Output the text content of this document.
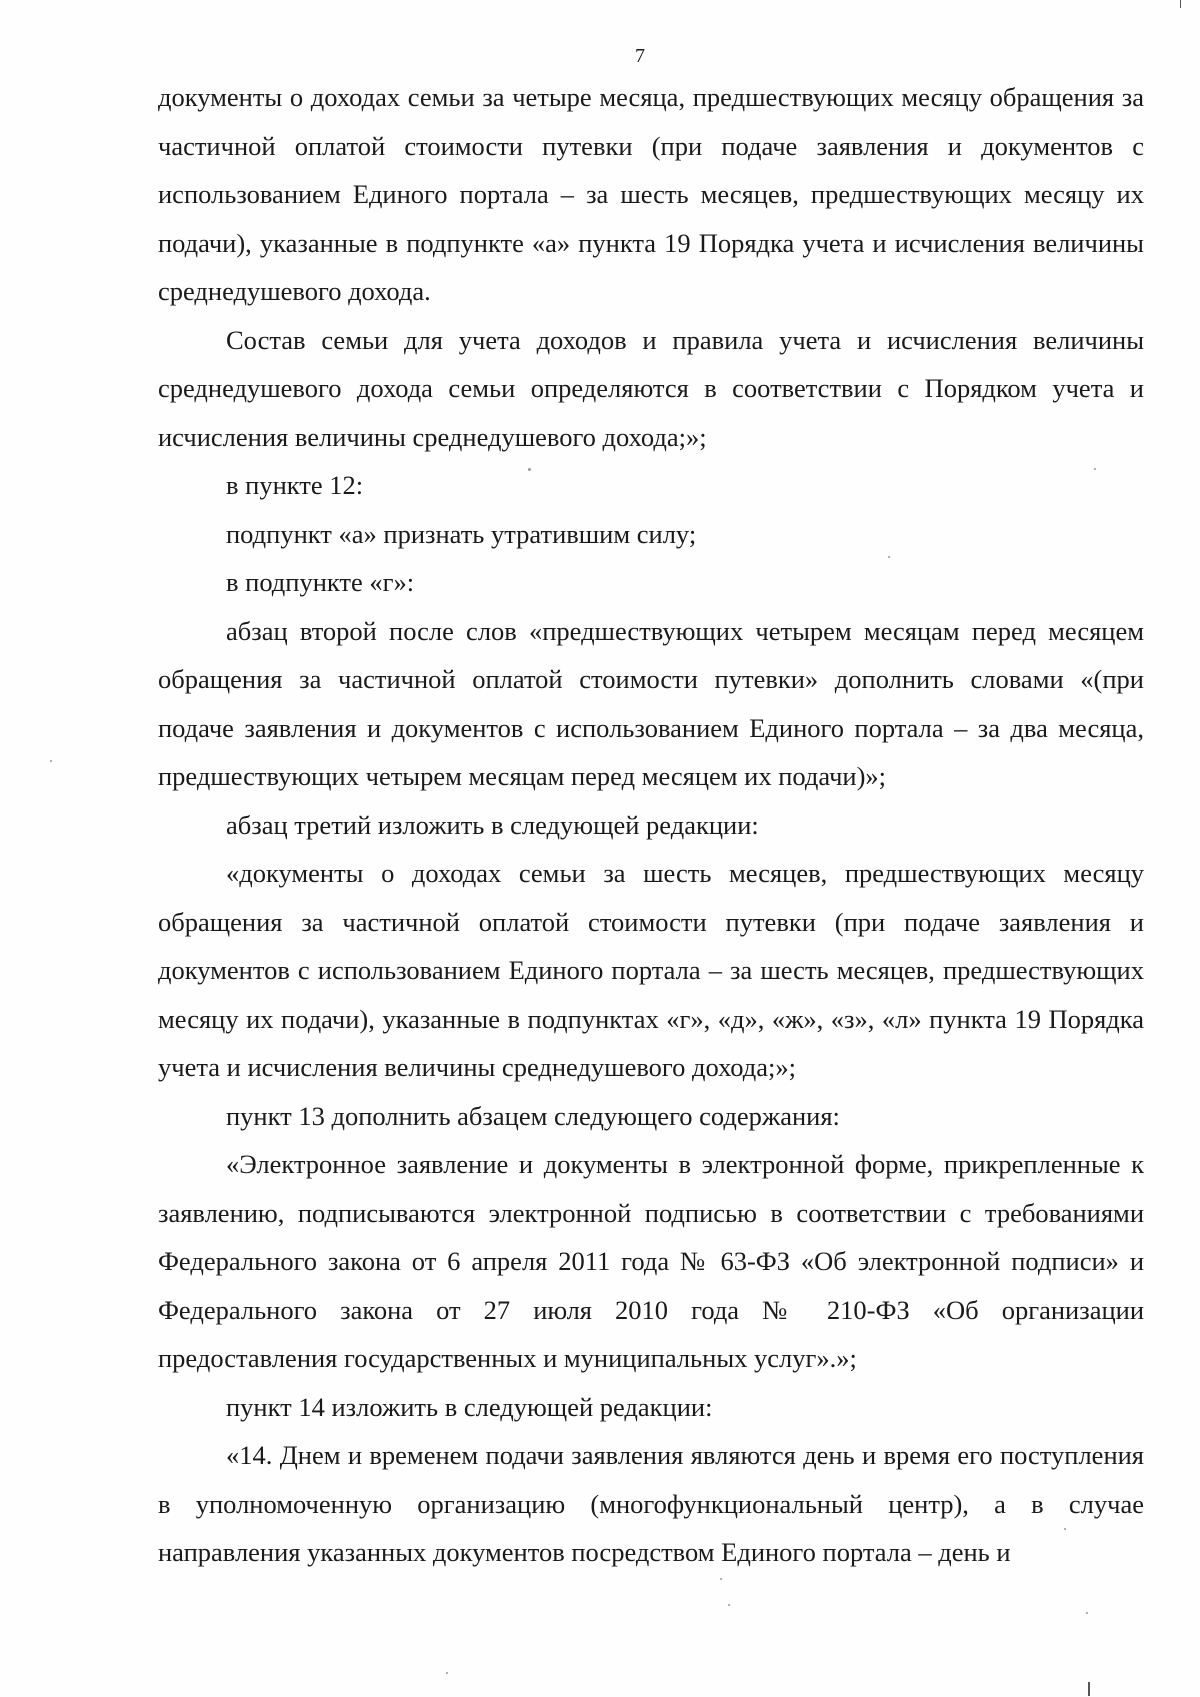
7

документы о доходах семьи за четыре месяца, предшествующих месяцу обращения за частичной оплатой стоимости путевки (при подаче заявления и документов с использованием Единого портала – за шесть месяцев, предшествующих месяцу их подачи), указанные в подпункте «а» пункта 19 Порядка учета и исчисления величины среднедушевого дохода.

Состав семьи для учета доходов и правила учета и исчисления величины среднедушевого дохода семьи определяются в соответствии с Порядком учета и исчисления величины среднедушевого дохода;»;

в пункте 12:

подпункт «а» признать утратившим силу;

в подпункте «г»:

абзац второй после слов «предшествующих четырем месяцам перед месяцем обращения за частичной оплатой стоимости путевки» дополнить словами «(при подаче заявления и документов с использованием Единого портала – за два месяца, предшествующих четырем месяцам перед месяцем их подачи)»;

абзац третий изложить в следующей редакции:

«документы о доходах семьи за шесть месяцев, предшествующих месяцу обращения за частичной оплатой стоимости путевки (при подаче заявления и документов с использованием Единого портала – за шесть месяцев, предшествующих месяцу их подачи), указанные в подпунктах «г», «д», «ж», «з», «л» пункта 19 Порядка учета и исчисления величины среднедушевого дохода;»;

пункт 13 дополнить абзацем следующего содержания:

«Электронное заявление и документы в электронной форме, прикрепленные к заявлению, подписываются электронной подписью в соответствии с требованиями Федерального закона от 6 апреля 2011 года № 63-ФЗ «Об электронной подписи» и Федерального закона от 27 июля 2010 года № 210-ФЗ «Об организации предоставления государственных и муниципальных услуг».»;

пункт 14 изложить в следующей редакции:

«14. Днем и временем подачи заявления являются день и время его поступления в уполномоченную организацию (многофункциональный центр), а в случае направления указанных документов посредством Единого портала – день и
